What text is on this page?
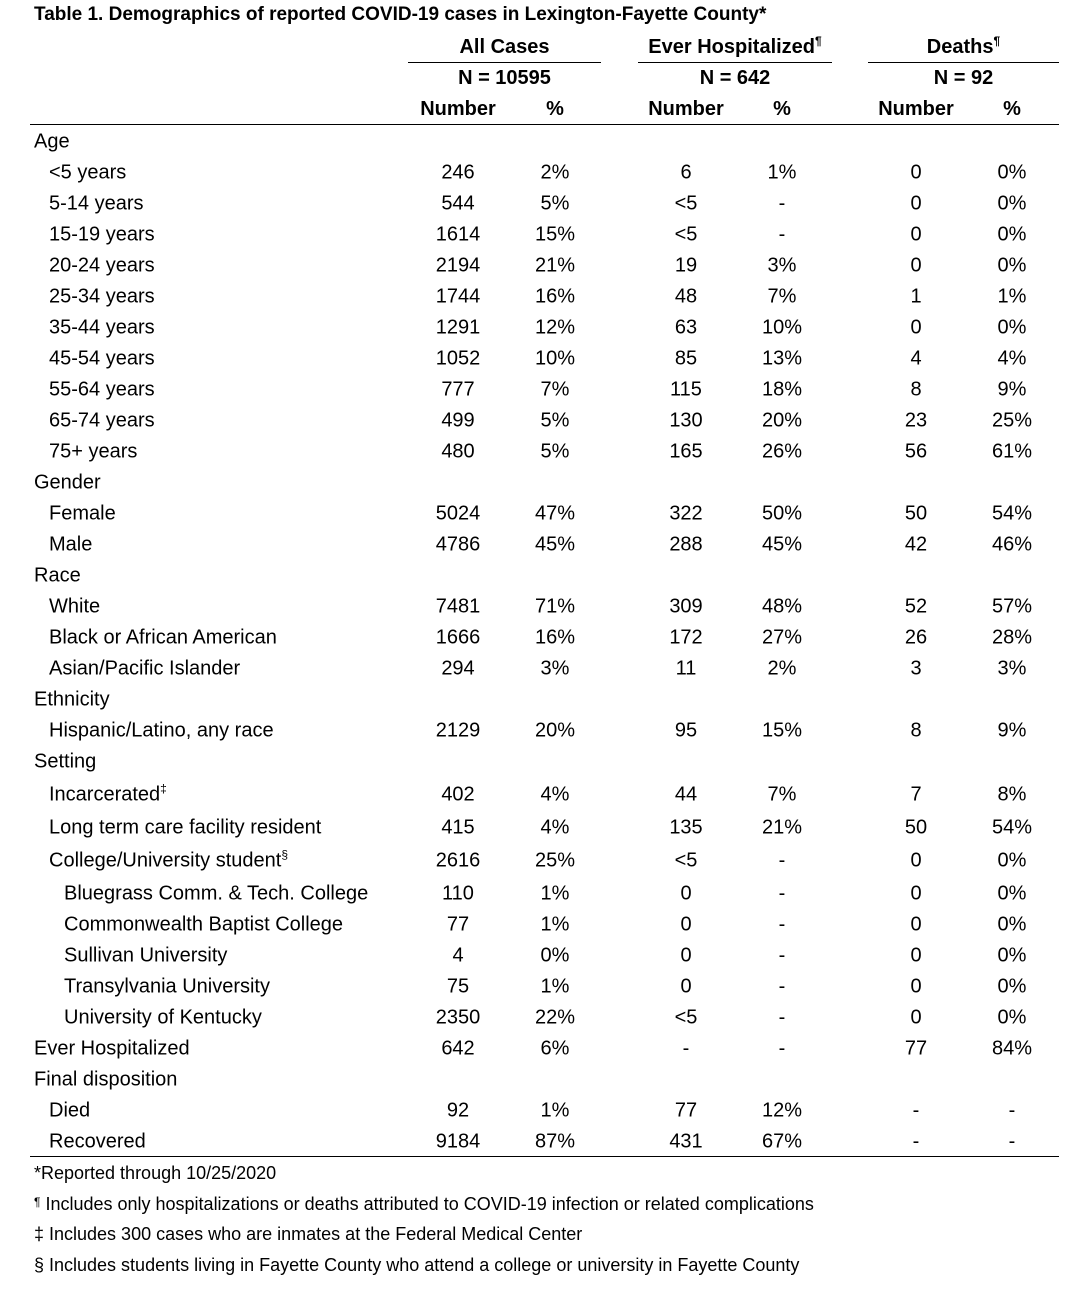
Table 1. Demographics of reported COVID-19 cases in Lexington-Fayette County*
All Cases	Ever Hospitalized¶	Deaths¶
N = 10595	N = 642	N = 92
Number	%	Number	%	Number	%
Age
<5 years	246	2%	6	1%	0	0%
5-14 years	544	5%	<5	-	0	0%
15-19 years	1614	15%	<5	-	0	0%
20-24 years	2194	21%	19	3%	0	0%
25-34 years	1744	16%	48	7%	1	1%
35-44 years	1291	12%	63	10%	0	0%
45-54 years	1052	10%	85	13%	4	4%
55-64 years	777	7%	115	18%	8	9%
65-74 years	499	5%	130	20%	23	25%
75+ years	480	5%	165	26%	56	61%
Gender
Female	5024	47%	322	50%	50	54%
Male	4786	45%	288	45%	42	46%
Race
White	7481	71%	309	48%	52	57%
Black or African American	1666	16%	172	27%	26	28%
Asian/Pacific Islander	294	3%	11	2%	3	3%
Ethnicity
Hispanic/Latino, any race	2129	20%	95	15%	8	9%
Setting
Incarcerated‡	402	4%	44	7%	7	8%
Long term care facility resident	415	4%	135	21%	50	54%
College/University student§	2616	25%	<5	-	0	0%
Bluegrass Comm. & Tech. College	110	1%	0	-	0	0%
Commonwealth Baptist College	77	1%	0	-	0	0%
Sullivan University	4	0%	0	-	0	0%
Transylvania University	75	1%	0	-	0	0%
University of Kentucky	2350	22%	<5	-	0	0%
Ever Hospitalized	642	6%	-	-	77	84%
Final disposition
Died	92	1%	77	12%	-	-
Recovered	9184	87%	431	67%	-	-
*Reported through 10/25/2020
¶ Includes only hospitalizations or deaths attributed to COVID-19 infection or related complications
‡ Includes 300 cases who are inmates at the Federal Medical Center
§ Includes students living in Fayette County who attend a college or university in Fayette County
